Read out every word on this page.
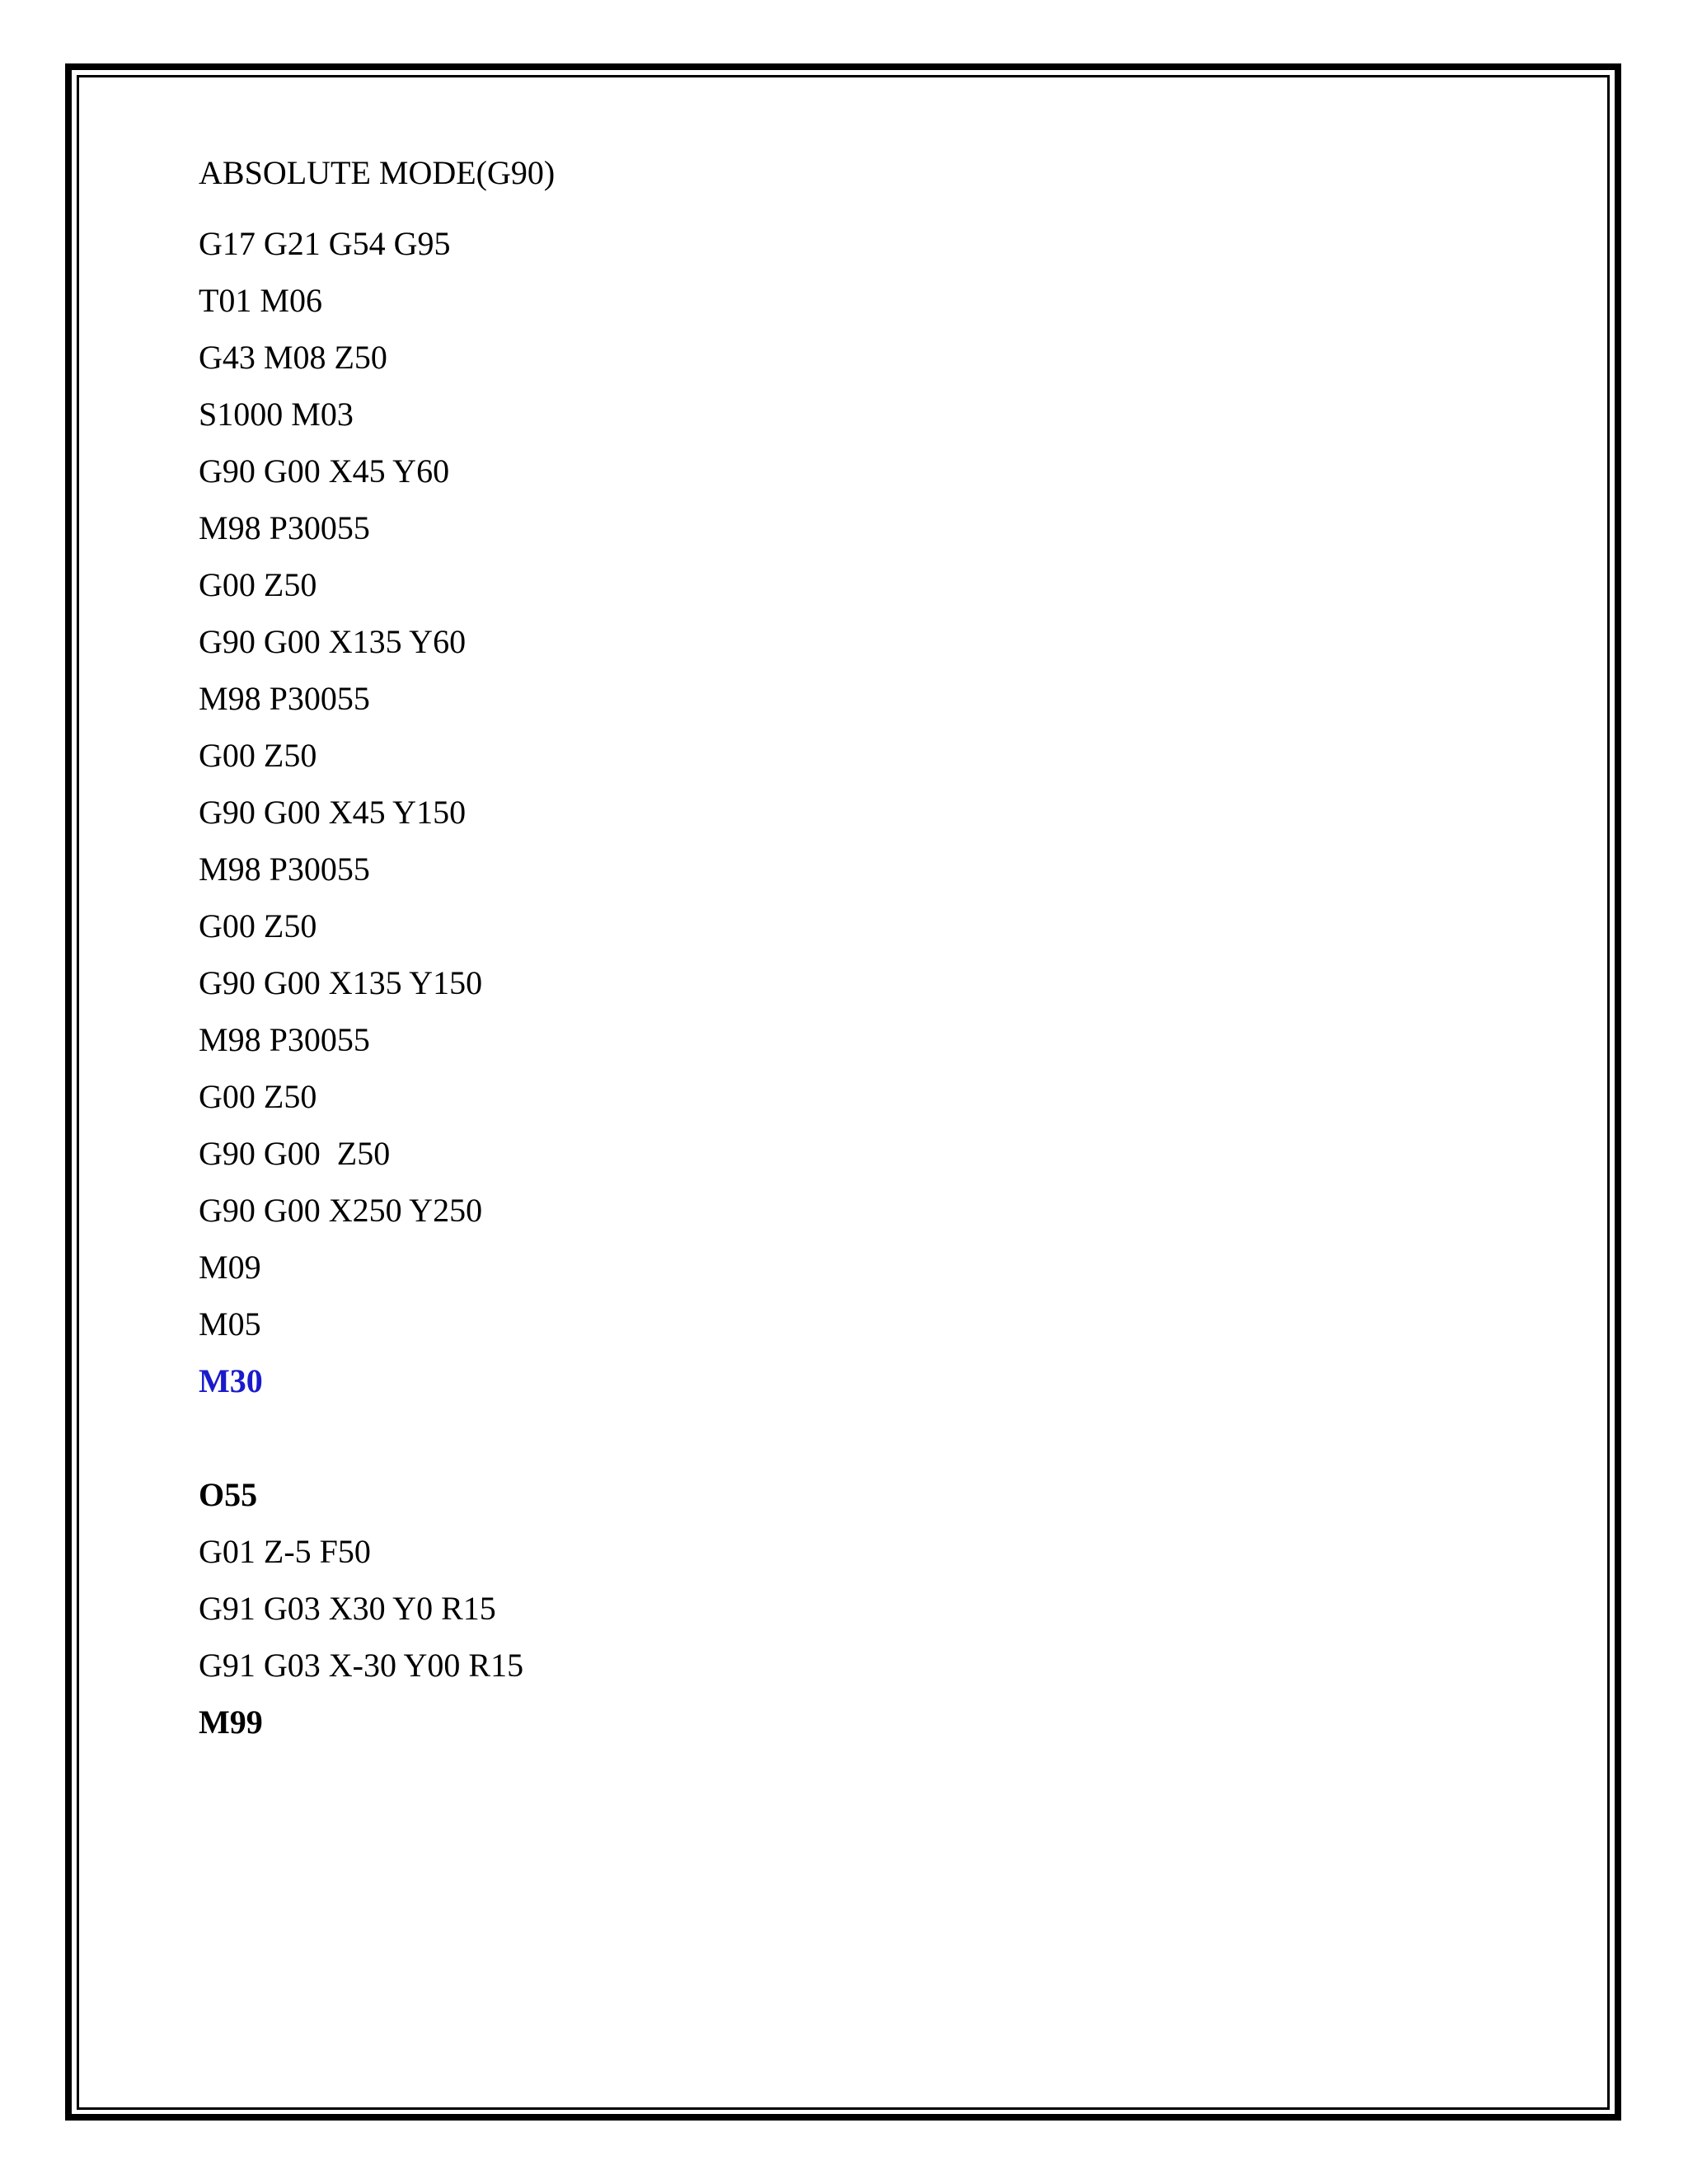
ABSOLUTE MODE(G90)
G17 G21 G54 G95
T01 M06
G43 M08 Z50
S1000 M03
G90 G00 X45 Y60
M98 P30055
G00 Z50
G90 G00 X135 Y60
M98 P30055
G00 Z50
G90 G00 X45 Y150
M98 P30055
G00 Z50
G90 G00 X135 Y150
M98 P30055
G00 Z50
G90 G00  Z50
G90 G00 X250 Y250
M09
M05
M30
O55
G01 Z-5 F50
G91 G03 X30 Y0 R15
G91 G03 X-30 Y00 R15
M99
